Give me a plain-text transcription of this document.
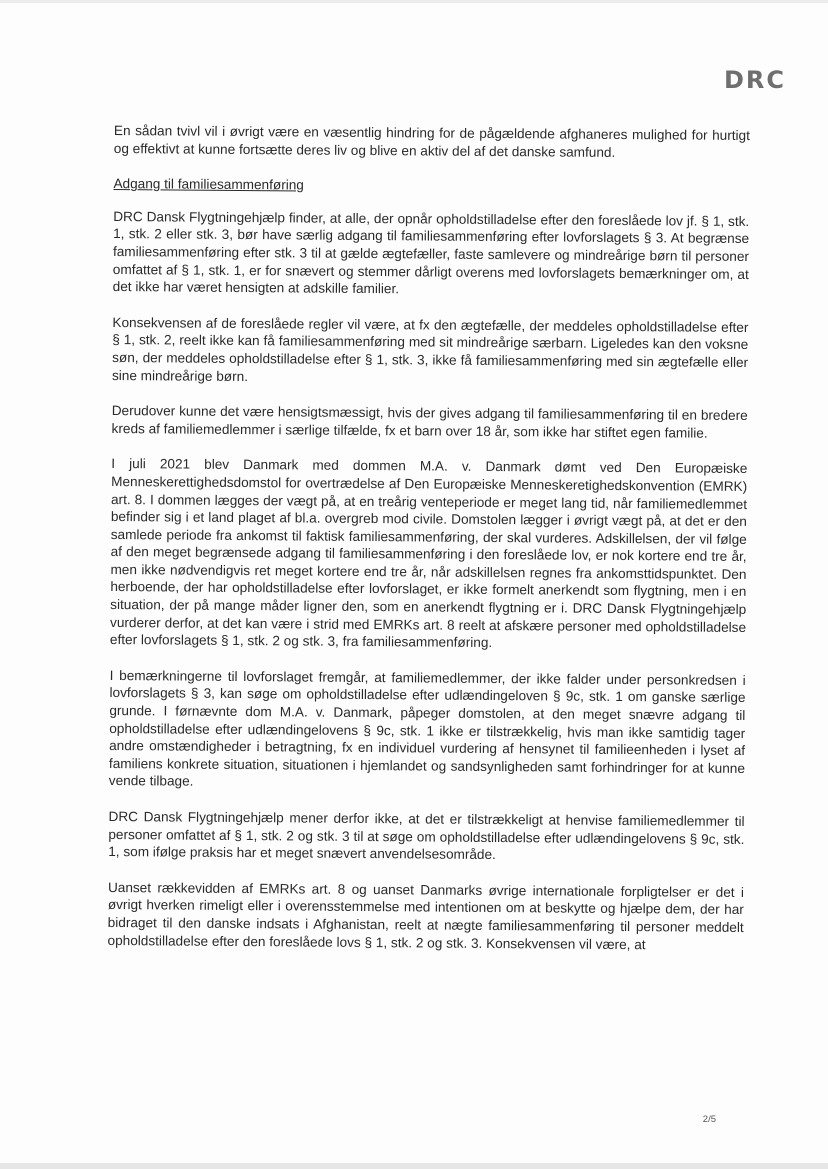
DRC

En sådan tvivl vil i øvrigt være en væsentlig hindring for de pågældende afghaneres mulighed for hurtigt og effektivt at kunne fortsætte deres liv og blive en aktiv del af det danske samfund.

Adgang til familiesammenføring

DRC Dansk Flygtningehjælp finder, at alle, der opnår opholdstilladelse efter den foreslåede lov jf. § 1, stk. 1, stk. 2 eller stk. 3, bør have særlig adgang til familiesammenføring efter lovforslagets § 3. At begrænse familiesammenføring efter stk. 3 til at gælde ægtefæller, faste samlevere og mindreårige børn til personer omfattet af § 1, stk. 1, er for snævert og stemmer dårligt overens med lovforslagets bemærkninger om, at det ikke har været hensigten at adskille familier.

Konsekvensen af de foreslåede regler vil være, at fx den ægtefælle, der meddeles opholdstilladelse efter § 1, stk. 2, reelt ikke kan få familiesammenføring med sit mindreårige særbarn. Ligeledes kan den voksne søn, der meddeles opholdstilladelse efter § 1, stk. 3, ikke få familiesammenføring med sin ægtefælle eller sine mindreårige børn.

Derudover kunne det være hensigtsmæssigt, hvis der gives adgang til familiesammenføring til en bredere kreds af familiemedlemmer i særlige tilfælde, fx et barn over 18 år, som ikke har stiftet egen familie.

I juli 2021 blev Danmark med dommen M.A. v. Danmark dømt ved Den Europæiske Menneskerettighedsdomstol for overtrædelse af Den Europæiske Menneskeretighedskonvention (EMRK) art. 8. I dommen lægges der vægt på, at en treårig venteperiode er meget lang tid, når familiemedlemmet befinder sig i et land plaget af bl.a. overgreb mod civile. Domstolen lægger i øvrigt vægt på, at det er den samlede periode fra ankomst til faktisk familiesammenføring, der skal vurderes. Adskillelsen, der vil følge af den meget begrænsede adgang til familiesammenføring i den foreslåede lov, er nok kortere end tre år, men ikke nødvendigvis ret meget kortere end tre år, når adskillelsen regnes fra ankomsttidspunktet. Den herboende, der har opholdstilladelse efter lovforslaget, er ikke formelt anerkendt som flygtning, men i en situation, der på mange måder ligner den, som en anerkendt flygtning er i. DRC Dansk Flygtningehjælp vurderer derfor, at det kan være i strid med EMRKs art. 8 reelt at afskære personer med opholdstilladelse efter lovforslagets § 1, stk. 2 og stk. 3, fra familiesammenføring.

I bemærkningerne til lovforslaget fremgår, at familiemedlemmer, der ikke falder under personkredsen i lovforslagets § 3, kan søge om opholdstilladelse efter udlændingeloven § 9c, stk. 1 om ganske særlige grunde. I førnævnte dom M.A. v. Danmark, påpeger domstolen, at den meget snævre adgang til opholdstilladelse efter udlændingelovens § 9c, stk. 1 ikke er tilstrækkelig, hvis man ikke samtidig tager andre omstændigheder i betragtning, fx en individuel vurdering af hensynet til familieenheden i lyset af familiens konkrete situation, situationen i hjemlandet og sandsynligheden samt forhindringer for at kunne vende tilbage.

DRC Dansk Flygtningehjælp mener derfor ikke, at det er tilstrækkeligt at henvise familiemedlemmer til personer omfattet af § 1, stk. 2 og stk. 3 til at søge om opholdstilladelse efter udlændingelovens § 9c, stk. 1, som ifølge praksis har et meget snævert anvendelsesområde.

Uanset rækkevidden af EMRKs art. 8 og uanset Danmarks øvrige internationale forpligtelser er det i øvrigt hverken rimeligt eller i overensstemmelse med intentionen om at beskytte og hjælpe dem, der har bidraget til den danske indsats i Afghanistan, reelt at nægte familiesammenføring til personer meddelt opholdstilladelse efter den foreslåede lovs § 1, stk. 2 og stk. 3. Konsekvensen vil være, at

2/5
